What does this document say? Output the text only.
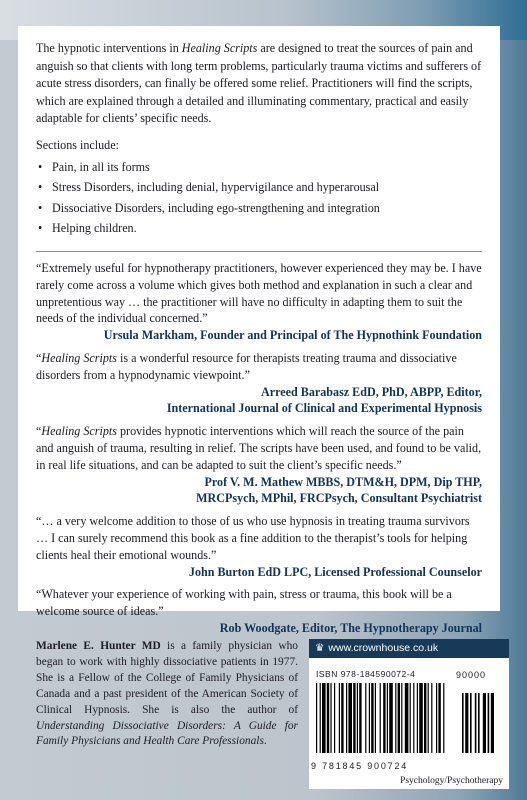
The hypnotic interventions in Healing Scripts are designed to treat the sources of pain and anguish so that clients with long term problems, particularly trauma victims and sufferers of acute stress disorders, can finally be offered some relief. Practitioners will find the scripts, which are explained through a detailed and illuminating commentary, practical and easily adaptable for clients’ specific needs.

Sections include:
• Pain, in all its forms
• Stress Disorders, including denial, hypervigilance and hyperarousal
• Dissociative Disorders, including ego-strengthening and integration
• Helping children.

“Extremely useful for hypnotherapy practitioners, however experienced they may be. I have rarely come across a volume which gives both method and explanation in such a clear and unpretentious way … the practitioner will have no difficulty in adapting them to suit the needs of the individual concerned.”

Ursula Markham, Founder and Principal of The Hypnothink Foundation

“Healing Scripts is a wonderful resource for therapists treating trauma and dissociative disorders from a hypnodynamic viewpoint.”

Arreed Barabasz EdD, PhD, ABPP, Editor,
International Journal of Clinical and Experimental Hypnosis

“Healing Scripts provides hypnotic interventions which will reach the source of the pain and anguish of trauma, resulting in relief. The scripts have been used, and found to be valid, in real life situations, and can be adapted to suit the client’s specific needs.”

Prof V. M. Mathew MBBS, DTM&H, DPM, Dip THP,
MRCPsych, MPhil, FRCPsych, Consultant Psychiatrist

“… a very welcome addition to those of us who use hypnosis in treating trauma survivors … I can surely recommend this book as a fine addition to the therapist’s tools for helping clients heal their emotional wounds.”

John Burton EdD LPC, Licensed Professional Counselor

“Whatever your experience of working with pain, stress or trauma, this book will be a welcome source of ideas.”

Rob Woodgate, Editor, The Hypnotherapy Journal
Marlene E. Hunter MD is a family physician who began to work with highly dissociative patients in 1977. She is a Fellow of the College of Family Physicians of Canada and a past president of the American Society of Clinical Hypnosis. She is also the author of Understanding Dissociative Disorders: A Guide for Family Physicians and Health Care Professionals.
♛ www.crownhouse.co.uk
ISBN 978-184590072-4	90000
9 781845 900724
Psychology/Psychotherapy
